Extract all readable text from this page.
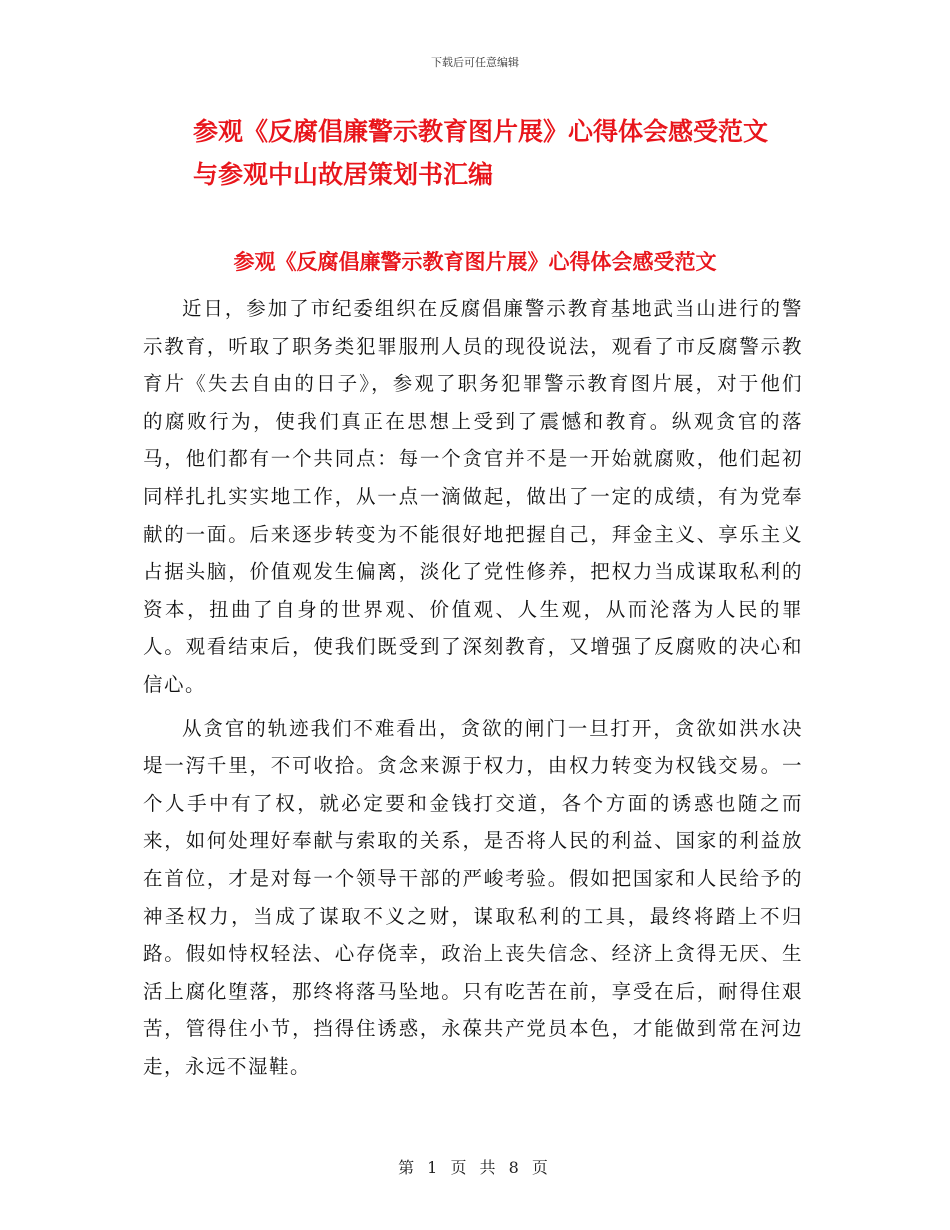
下载后可任意编辑
参观《反腐倡廉警示教育图片展》心得体会感受范文
与参观中山故居策划书汇编
参观《反腐倡廉警示教育图片展》心得体会感受范文

近日，参加了市纪委组织在反腐倡廉警示教育基地武当山进行的警示教育，听取了职务类犯罪服刑人员的现役说法，观看了市反腐警示教育片《失去自由的日子》，参观了职务犯罪警示教育图片展，对于他们的腐败行为，使我们真正在思想上受到了震憾和教育。纵观贪官的落马，他们都有一个共同点：每一个贪官并不是一开始就腐败，他们起初同样扎扎实实地工作，从一点一滴做起，做出了一定的成绩，有为党奉献的一面。后来逐步转变为不能很好地把握自己，拜金主义、享乐主义占据头脑，价值观发生偏离，淡化了党性修养，把权力当成谋取私利的资本，扭曲了自身的世界观、价值观、人生观，从而沦落为人民的罪人。观看结束后，使我们既受到了深刻教育，又增强了反腐败的决心和信心。

从贪官的轨迹我们不难看出，贪欲的闸门一旦打开，贪欲如洪水决堤一泻千里，不可收拾。贪念来源于权力，由权力转变为权钱交易。一个人手中有了权，就必定要和金钱打交道，各个方面的诱惑也随之而来，如何处理好奉献与索取的关系，是否将人民的利益、国家的利益放在首位，才是对每一个领导干部的严峻考验。假如把国家和人民给予的神圣权力，当成了谋取不义之财，谋取私利的工具，最终将踏上不归路。假如恃权轻法、心存侥幸，政治上丧失信念、经济上贪得无厌、生活上腐化堕落，那终将落马坠地。只有吃苦在前，享受在后，耐得住艰苦，管得住小节，挡得住诱惑，永葆共产党员本色，才能做到常在河边走，永远不湿鞋。

第 1 页 共 8 页
